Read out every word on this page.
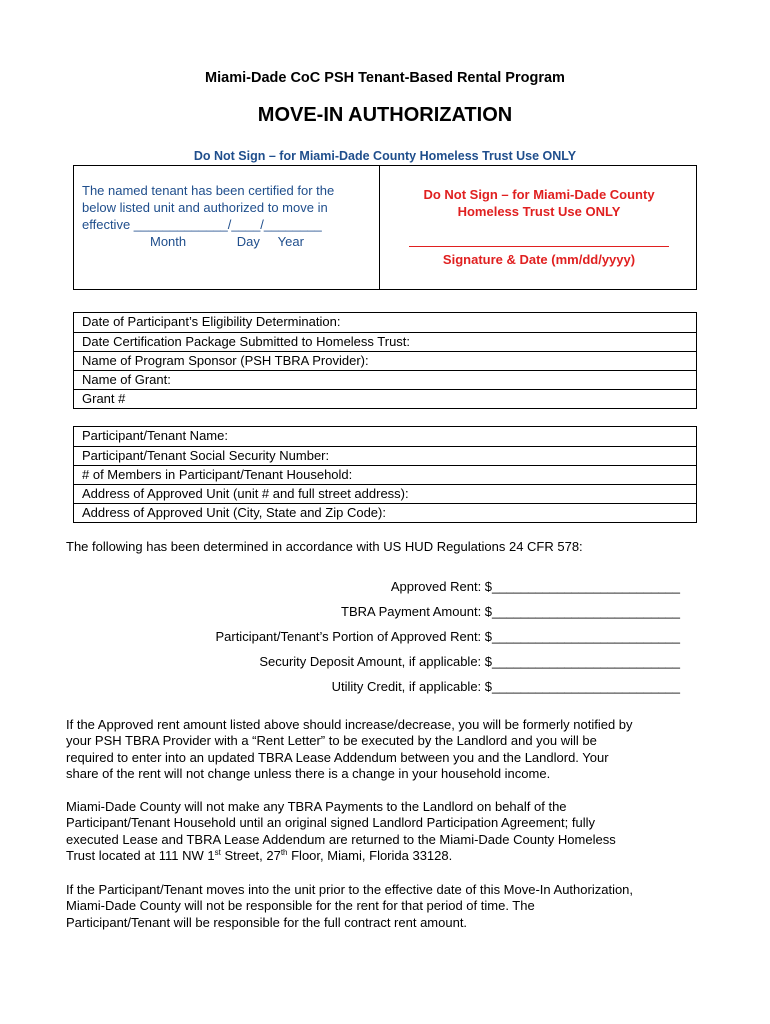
Miami-Dade CoC PSH Tenant-Based Rental Program
MOVE-IN AUTHORIZATION
Do Not Sign – for Miami-Dade County Homeless Trust Use ONLY
The named tenant has been certified for the
below listed unit and authorized to move in
effective _____________/____/________
Month              Day     Year
Do Not Sign – for Miami-Dade County
Homeless Trust Use ONLY
Signature & Date (mm/dd/yyyy)
Date of Participant’s Eligibility Determination:
Date Certification Package Submitted to Homeless Trust:
Name of Program Sponsor (PSH TBRA Provider):
Name of Grant:
Grant #
Participant/Tenant Name:
Participant/Tenant Social Security Number:
# of Members in Participant/Tenant Household:
Address of Approved Unit (unit # and full street address):
Address of Approved Unit (City, State and Zip Code):
The following has been determined in accordance with US HUD Regulations 24 CFR 578:
Approved Rent: $__________________________
TBRA Payment Amount: $__________________________
Participant/Tenant’s Portion of Approved Rent: $__________________________
Security Deposit Amount, if applicable: $__________________________
Utility Credit, if applicable: $__________________________
If the Approved rent amount listed above should increase/decrease, you will be formerly notified by
your PSH TBRA Provider with a “Rent Letter” to be executed by the Landlord and you will be
required to enter into an updated TBRA Lease Addendum between you and the Landlord. Your
share of the rent will not change unless there is a change in your household income.
Miami-Dade County will not make any TBRA Payments to the Landlord on behalf of the
Participant/Tenant Household until an original signed Landlord Participation Agreement; fully
executed Lease and TBRA Lease Addendum are returned to the Miami-Dade County Homeless
Trust located at 111 NW 1st Street, 27th Floor, Miami, Florida 33128.
If the Participant/Tenant moves into the unit prior to the effective date of this Move-In Authorization,
Miami-Dade County will not be responsible for the rent for that period of time. The
Participant/Tenant will be responsible for the full contract rent amount.
